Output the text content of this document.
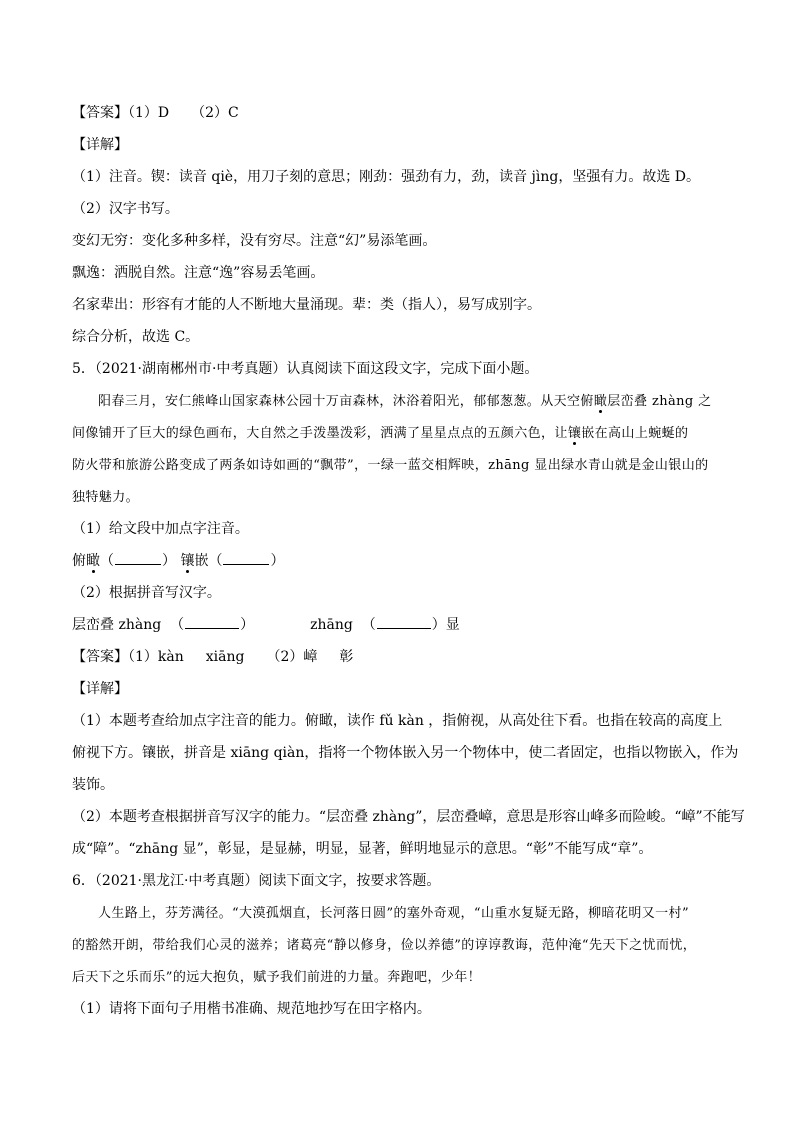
【答案】（1）D （2）C
【详解】
（1）注音。锲：读音 qiè，用刀子刻的意思；刚劲：强劲有力，劲，读音 jìng，坚强有力。故选 D。
（2）汉字书写。
变幻无穷：变化多种多样，没有穷尽。注意“幻”易添笔画。
飘逸：洒脱自然。注意“逸”容易丢笔画。
名家辈出：形容有才能的人不断地大量涌现。辈：类（指人），易写成别字。
综合分析，故选 C。
5．（2021·湖南郴州市·中考真题）认真阅读下面这段文字，完成下面小题。
阳春三月，安仁熊峰山国家森林公园十万亩森林，沐浴着阳光，郁郁葱葱。从天空俯瞰层峦叠 zhàng 之
间像铺开了巨大的绿色画布，大自然之手泼墨泼彩，洒满了星星点点的五颜六色，让镶嵌在高山上蜿蜒的
防火带和旅游公路变成了两条如诗如画的“飘带”，一绿一蓝交相辉映，zhāng 显出绿水青山就是金山银山的
独特魅力。
（1）给文段中加点字注音。
俯瞰（	） 镶嵌（	）
（2）根据拼音写汉字。
层峦叠 zhàng （	）	zhāng （	）显
【答案】（1）kàn xiāng （2）嶂 彰
【详解】
（1）本题考查给加点字注音的能力。俯瞰，读作 fǔ kàn ，指俯视，从高处往下看。也指在较高的高度上
俯视下方。镶嵌，拼音是 xiāng qiàn，指将一个物体嵌入另一个物体中，使二者固定，也指以物嵌入，作为
装饰。
（2）本题考查根据拼音写汉字的能力。“层峦叠 zhàng”，层峦叠嶂，意思是形容山峰多而险峻。“嶂”不能写
成“障”。“zhāng 显”，彰显，是显赫，明显，显著，鲜明地显示的意思。“彰”不能写成“章”。
6．（2021·黑龙江·中考真题）阅读下面文字，按要求答题。
人生路上，芬芳满径。“大漠孤烟直，长河落日圆”的塞外奇观，“山重水复疑无路，柳暗花明又一村”
的豁然开朗，带给我们心灵的滋养；诸葛亮“静以修身，俭以养德”的谆谆教诲，范仲淹“先天下之忧而忧，
后天下之乐而乐”的远大抱负，赋予我们前进的力量。奔跑吧，少年！
（1）请将下面句子用楷书准确、规范地抄写在田字格内。
